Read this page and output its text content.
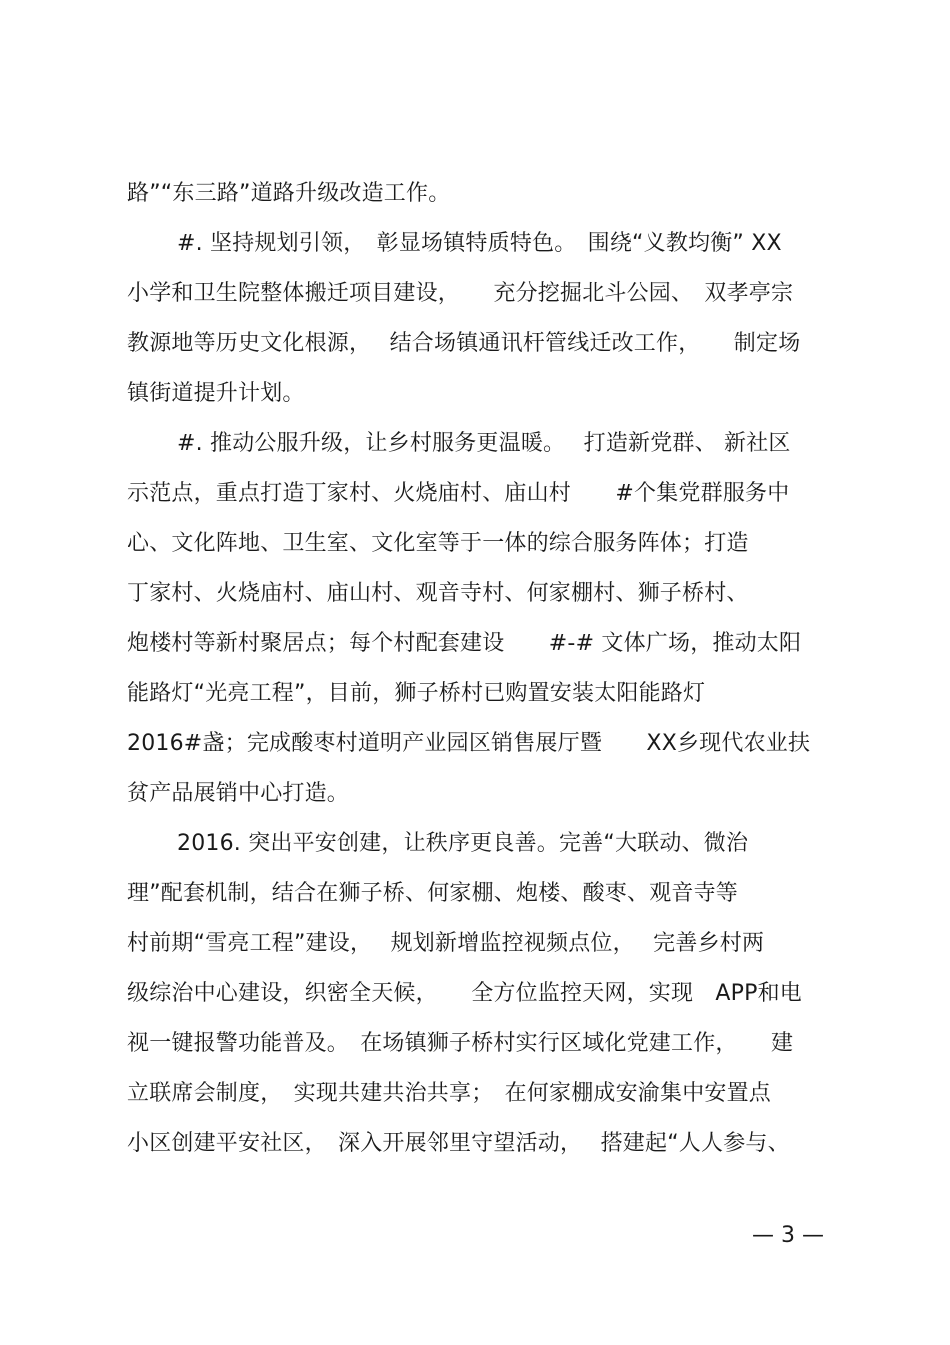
路”“东三路”道路升级改造工作。
#. 坚持规划引领，　彰显场镇特质特色。　围绕“义教均衡” XX
小学和卫生院整体搬迁项目建设，　　充分挖掘北斗公园、　双孝亭宗
教源地等历史文化根源，　 结合场镇通讯杆管线迁改工作，　　制定场
镇街道提升计划。
#. 推动公服升级，让乡村服务更温暖。　 打造新党群、 新社区
示范点，重点打造丁家村、火烧庙村、庙山村　　#个集党群服务中
心、文化阵地、卫生室、文化室等于一体的综合服务阵体；打造
丁家村、火烧庙村、庙山村、观音寺村、何家棚村、狮子桥村、
炮楼村等新村聚居点；每个村配套建设　　#-# 文体广场，推动太阳
能路灯“光亮工程”，目前，狮子桥村已购置安装太阳能路灯
2016#盏；完成酸枣村道明产业园区销售展厅暨　　XX乡现代农业扶
贫产品展销中心打造。
2016. 突出平安创建，让秩序更良善。完善“大联动、微治
理”配套机制，结合在狮子桥、何家棚、炮楼、酸枣、观音寺等
村前期“雪亮工程”建设，　 规划新增监控视频点位，　 完善乡村两
级综治中心建设，织密全天候，　　全方位监控天网，实现　APP和电
视一键报警功能普及。　在场镇狮子桥村实行区域化党建工作，　　建
立联席会制度，　实现共建共治共享；　在何家棚成安渝集中安置点
小区创建平安社区，　深入开展邻里守望活动，　 搭建起“人人参与、
— 3 —
